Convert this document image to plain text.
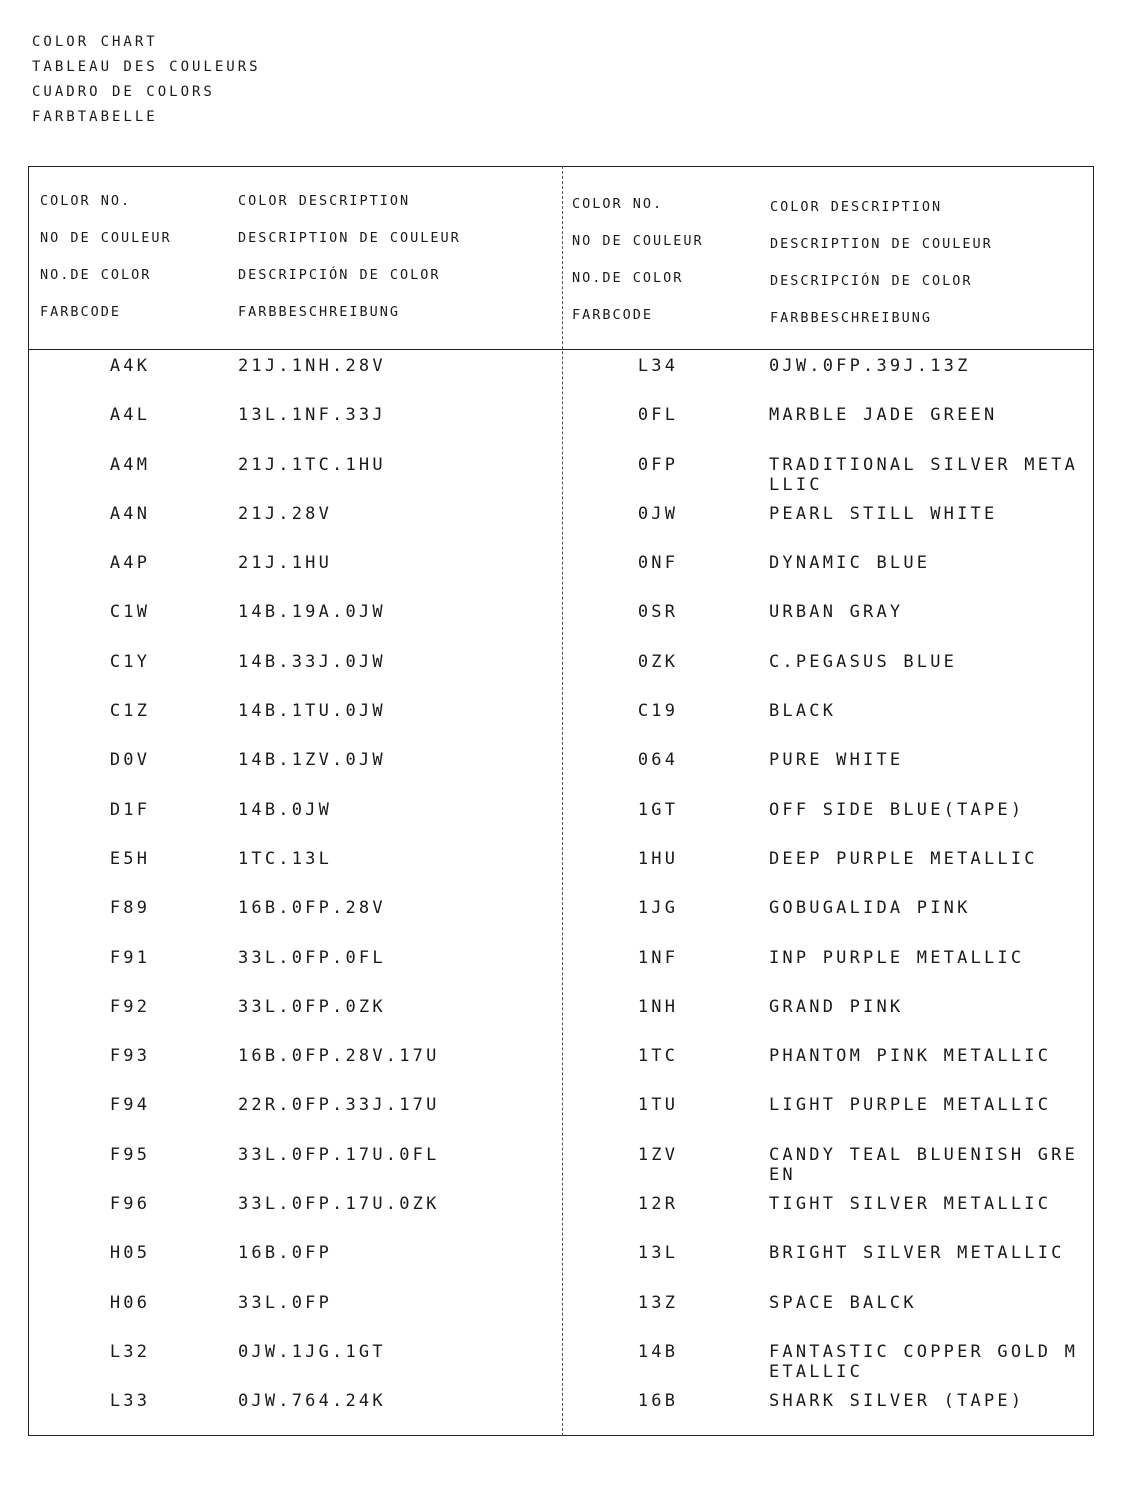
COLOR CHART
TABLEAU DES COULEURS
CUADRO DE COLORS
FARBTABELLE
COLOR NO.
NO DE COULEUR
NO.DE COLOR
FARBCODE
COLOR DESCRIPTION
DESCRIPTION DE COULEUR
DESCRIPCIÓN DE COLOR
FARBBESCHREIBUNG
COLOR NO.
NO DE COULEUR
NO.DE COLOR
FARBCODE
COLOR DESCRIPTION
DESCRIPTION DE COULEUR
DESCRIPCIÓN DE COLOR
FARBBESCHREIBUNG
A4K	21J.1NH.28V	L34	0JW.0FP.39J.13Z
A4L	13L.1NF.33J	0FL	MARBLE JADE GREEN
A4M	21J.1TC.1HU	0FP	TRADITIONAL SILVER METALLIC
A4N	21J.28V	0JW	PEARL STILL WHITE
A4P	21J.1HU	0NF	DYNAMIC BLUE
C1W	14B.19A.0JW	0SR	URBAN GRAY
C1Y	14B.33J.0JW	0ZK	C.PEGASUS BLUE
C1Z	14B.1TU.0JW	C19	BLACK
D0V	14B.1ZV.0JW	064	PURE WHITE
D1F	14B.0JW	1GT	OFF SIDE BLUE(TAPE)
E5H	1TC.13L	1HU	DEEP PURPLE METALLIC
F89	16B.0FP.28V	1JG	GOBUGALIDA PINK
F91	33L.0FP.0FL	1NF	INP PURPLE METALLIC
F92	33L.0FP.0ZK	1NH	GRAND PINK
F93	16B.0FP.28V.17U	1TC	PHANTOM PINK METALLIC
F94	22R.0FP.33J.17U	1TU	LIGHT PURPLE METALLIC
F95	33L.0FP.17U.0FL	1ZV	CANDY TEAL BLUENISH GREEN
F96	33L.0FP.17U.0ZK	12R	TIGHT SILVER METALLIC
H05	16B.0FP	13L	BRIGHT SILVER METALLIC
H06	33L.0FP	13Z	SPACE BALCK
L32	0JW.1JG.1GT	14B	FANTASTIC COPPER GOLD METALLIC
L33	0JW.764.24K	16B	SHARK SILVER (TAPE)
